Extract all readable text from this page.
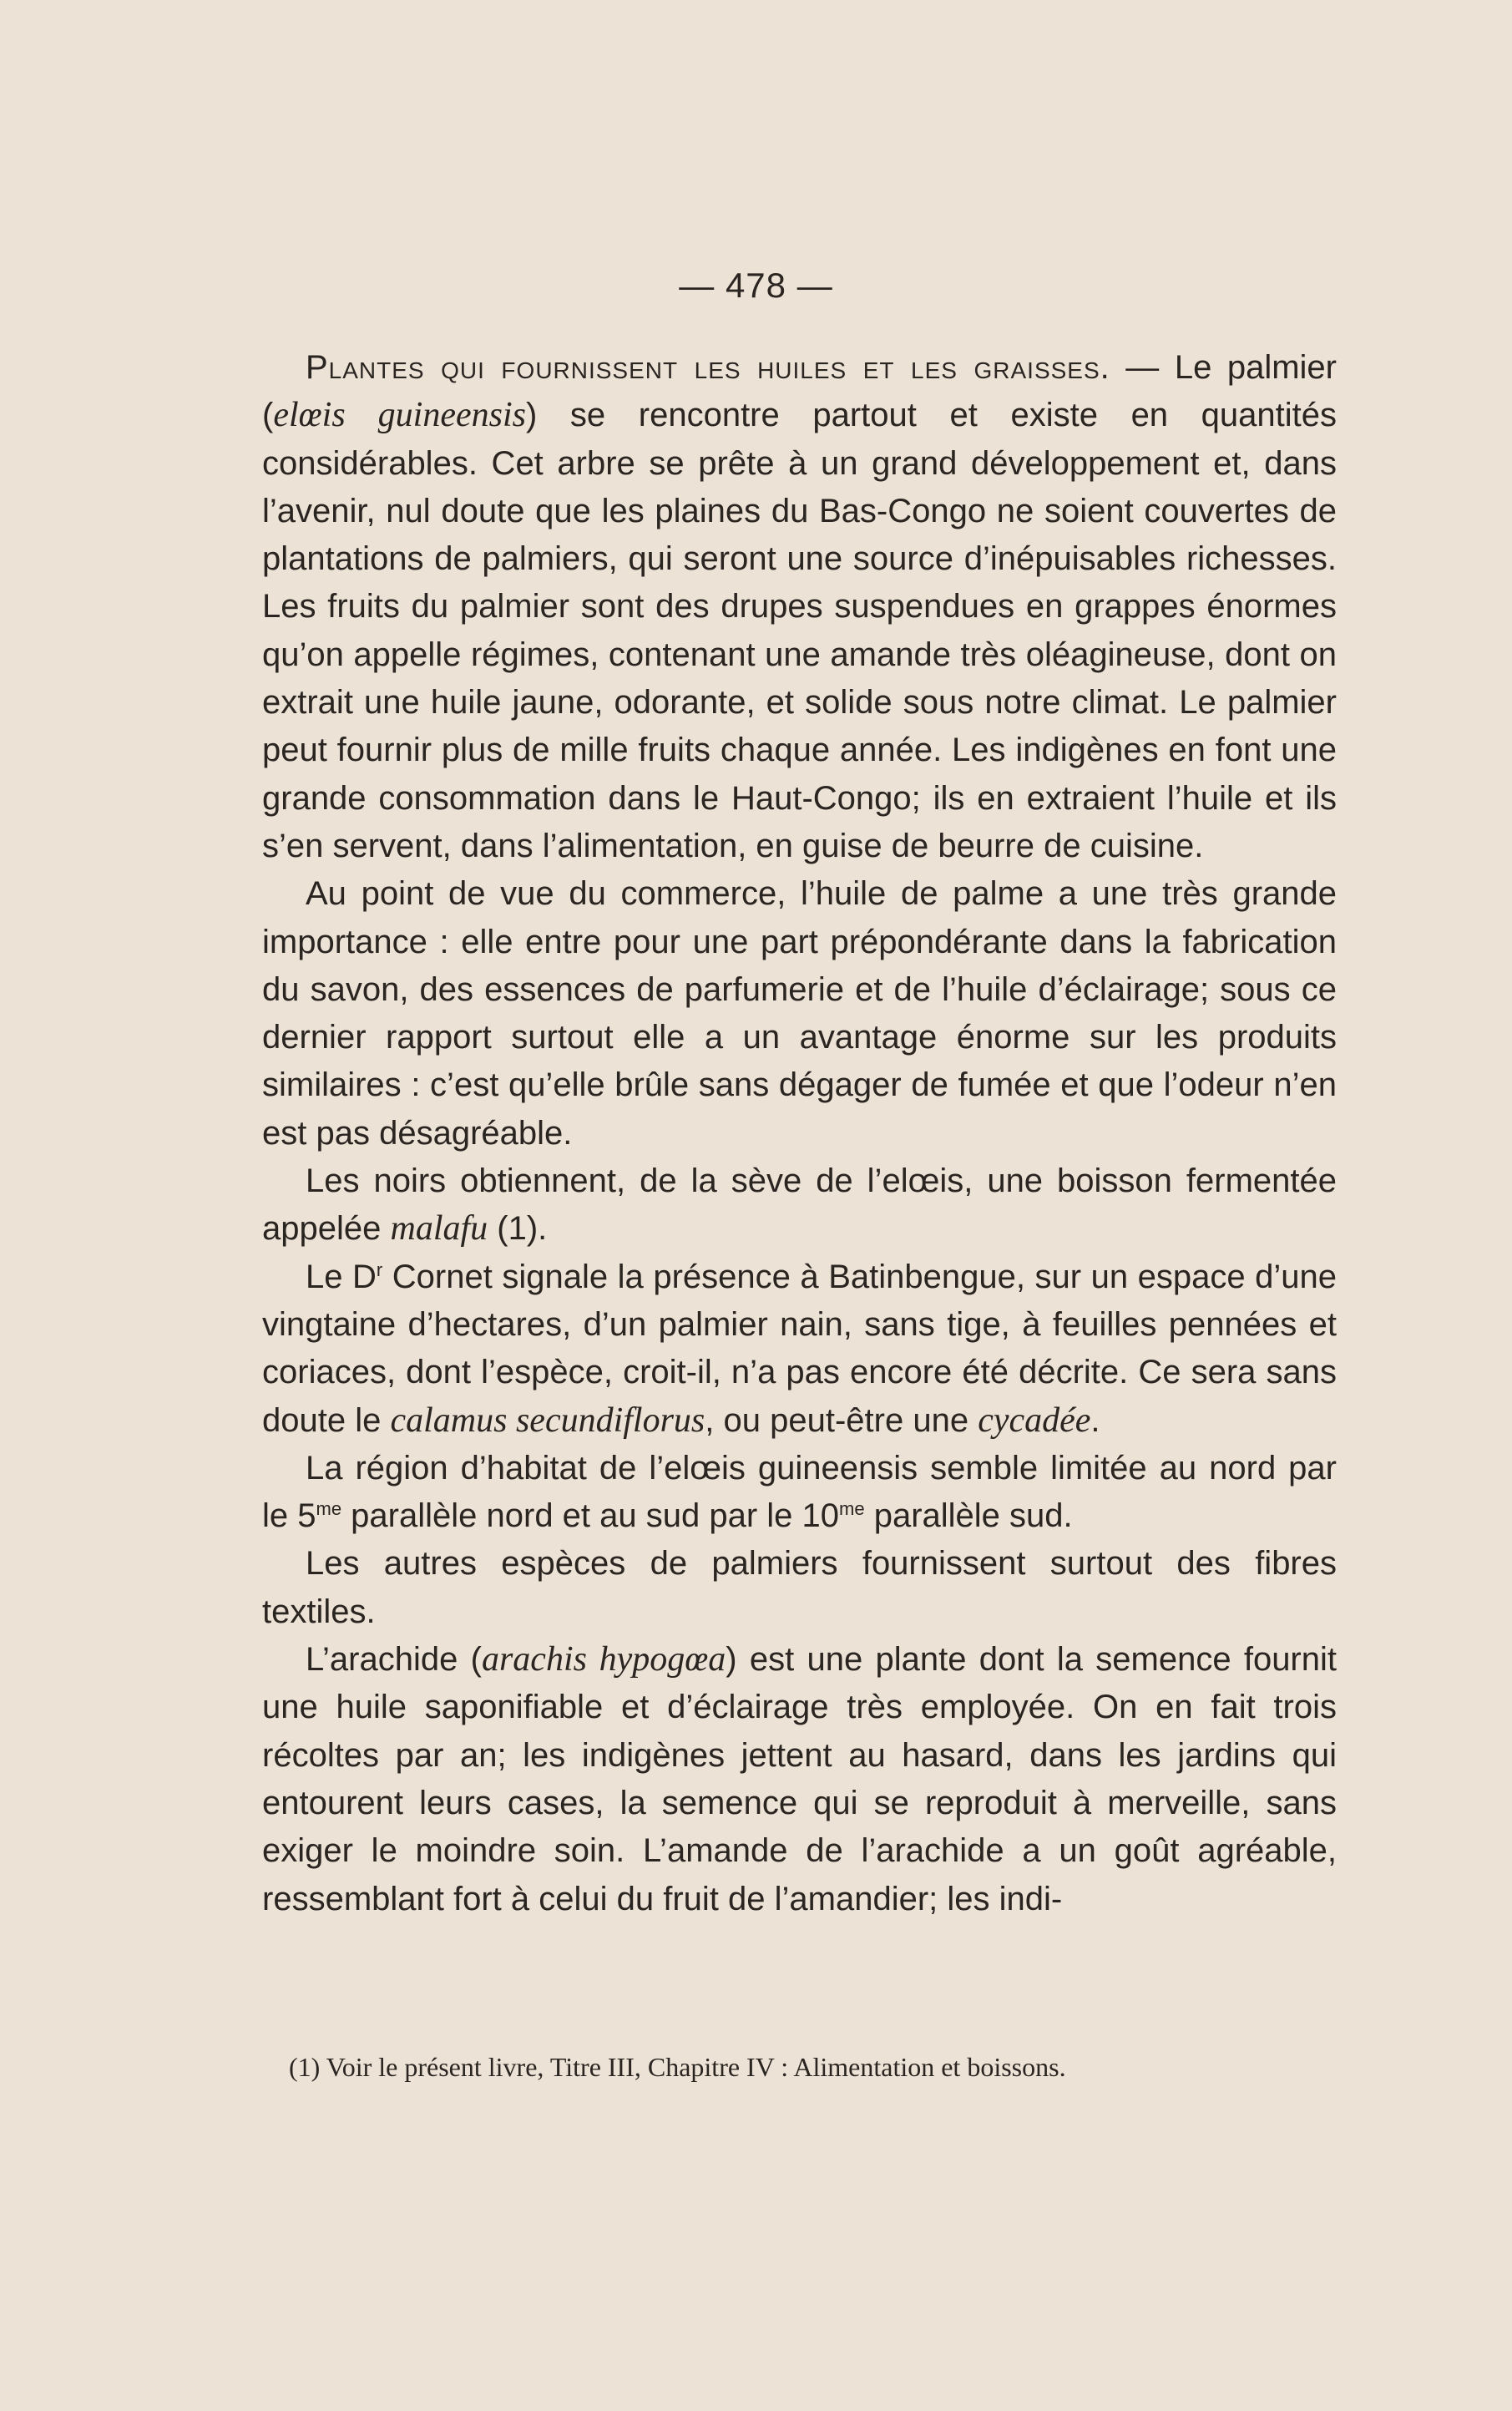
— 478 —

Plantes qui fournissent les huiles et les graisses. — Le palmier (elœis guineensis) se rencontre partout et existe en quantités considérables. Cet arbre se prête à un grand développement et, dans l’avenir, nul doute que les plaines du Bas-Congo ne soient couvertes de plantations de palmiers, qui seront une source d’inépuisables richesses. Les fruits du palmier sont des drupes suspendues en grappes énormes qu’on appelle régimes, contenant une amande très oléagineuse, dont on extrait une huile jaune, odorante, et solide sous notre climat. Le palmier peut fournir plus de mille fruits chaque année. Les indigènes en font une grande consommation dans le Haut-Congo; ils en extraient l’huile et ils s’en servent, dans l’alimentation, en guise de beurre de cuisine.

Au point de vue du commerce, l’huile de palme a une très grande importance : elle entre pour une part prépondérante dans la fabrication du savon, des essences de parfumerie et de l’huile d’éclairage; sous ce dernier rapport surtout elle a un avantage énorme sur les produits similaires : c’est qu’elle brûle sans dégager de fumée et que l’odeur n’en est pas désagréable.

Les noirs obtiennent, de la sève de l’elœis, une boisson fermentée appelée malafu (1).

Le $D^r$ Cornet signale la présence à Batinbengue, sur un espace d’une vingtaine d’hectares, d’un palmier nain, sans tige, à feuilles pennées et coriaces, dont l’espèce, croit-il, n’a pas encore été décrite. Ce sera sans doute le calamus secundiflorus, ou peut-être une cycadée.

La région d’habitat de l’elœis guineensis semble limitée au nord par le $5^{me}$ parallèle nord et au sud par le $10^{me}$ parallèle sud.

Les autres espèces de palmiers fournissent surtout des fibres textiles.

L’arachide (arachis hypogœa) est une plante dont la semence fournit une huile saponifiable et d’éclairage très employée. On en fait trois récoltes par an; les indigènes jettent au hasard, dans les jardins qui entourent leurs cases, la semence qui se reproduit à merveille, sans exiger le moindre soin. L’amande de l’arachide a un goût agréable, ressemblant fort à celui du fruit de l’amandier; les indi-

(1) Voir le présent livre, Titre III, Chapitre IV : Alimentation et boissons.
